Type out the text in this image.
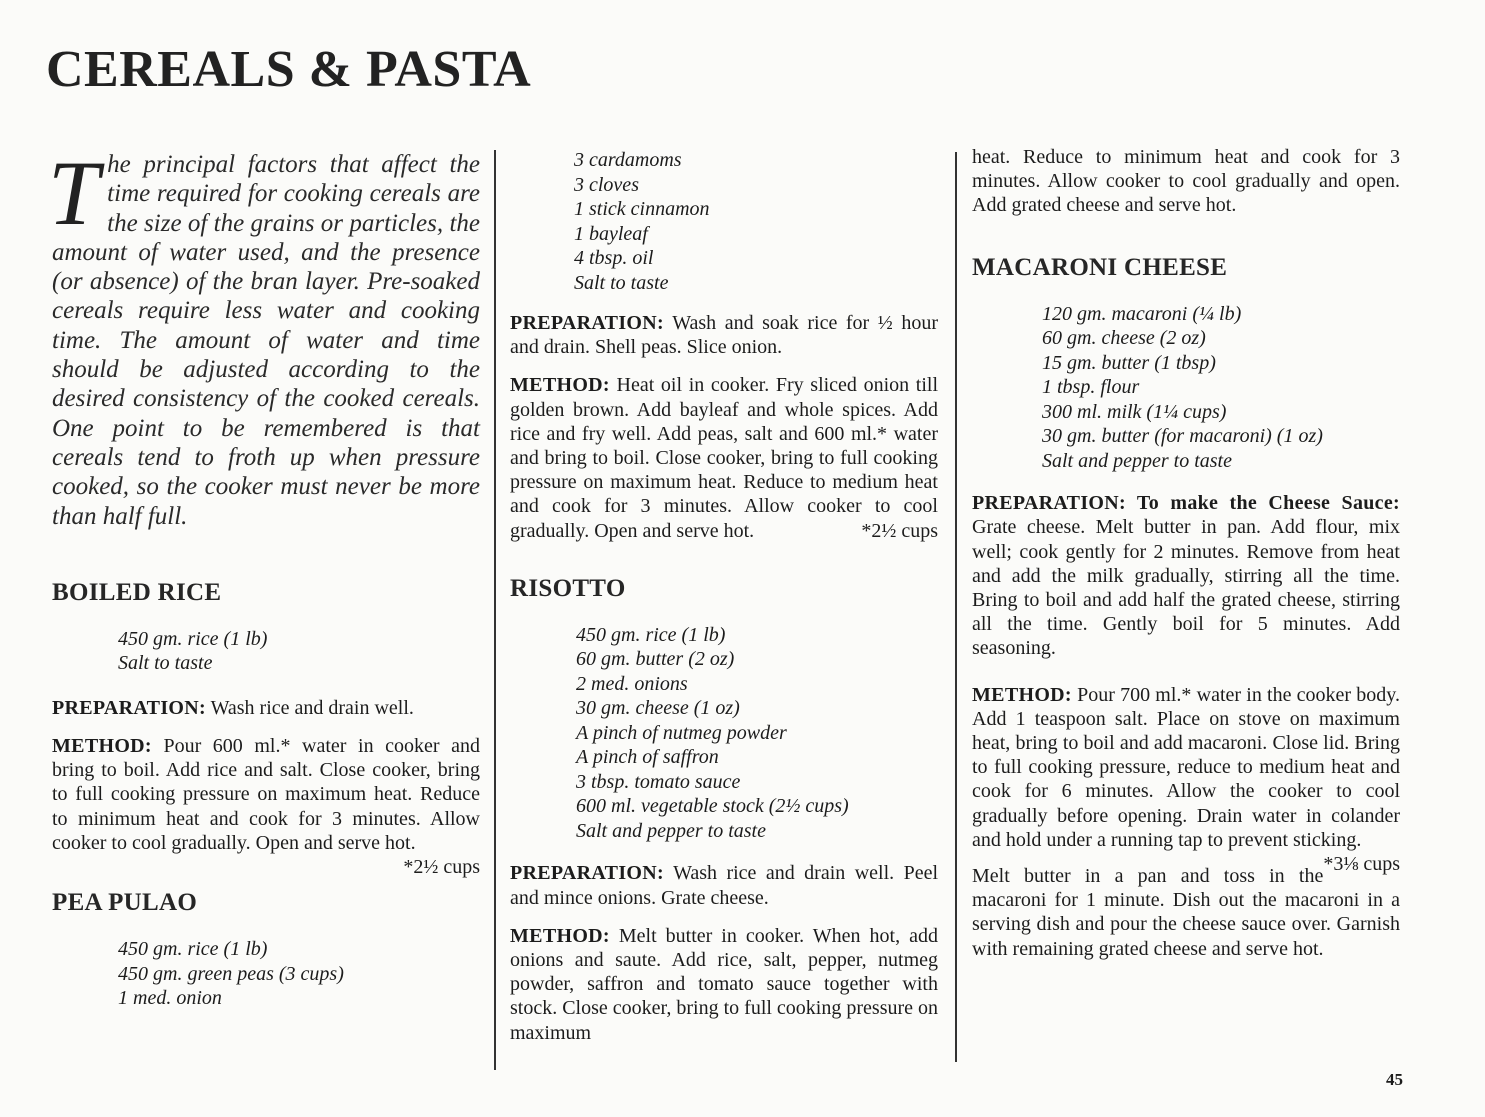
CEREALS & PASTA

The principal factors that affect the time required for cooking cereals are the size of the grains or particles, the amount of water used, and the presence (or absence) of the bran layer. Pre-soaked cereals require less water and cooking time. The amount of water and time should be adjusted according to the desired consistency of the cooked cereals. One point to be remembered is that cereals tend to froth up when pressure cooked, so the cooker must never be more than half full.

BOILED RICE
450 gm. rice (1 lb)
Salt to taste

PREPARATION: Wash rice and drain well.

METHOD: Pour 600 ml.* water in cooker and bring to boil. Add rice and salt. Close cooker, bring to full cooking pressure on maximum heat. Reduce to minimum heat and cook for 3 minutes. Allow cooker to cool gradually. Open and serve hot.
*2½ cups

PEA PULAO
450 gm. rice (1 lb)
450 gm. green peas (3 cups)
1 med. onion
3 cardamoms
3 cloves
1 stick cinnamon
1 bayleaf
4 tbsp. oil
Salt to taste

PREPARATION: Wash and soak rice for ½ hour and drain. Shell peas. Slice onion.

METHOD: Heat oil in cooker. Fry sliced onion till golden brown. Add bayleaf and whole spices. Add rice and fry well. Add peas, salt and 600 ml.* water and bring to boil. Close cooker, bring to full cooking pressure on maximum heat. Reduce to medium heat and cook for 3 minutes. Allow cooker to cool gradually. Open and serve hot.	*2½ cups

RISOTTO
450 gm. rice (1 lb)
60 gm. butter (2 oz)
2 med. onions
30 gm. cheese (1 oz)
A pinch of nutmeg powder
A pinch of saffron
3 tbsp. tomato sauce
600 ml. vegetable stock (2½ cups)
Salt and pepper to taste

PREPARATION: Wash rice and drain well. Peel and mince onions. Grate cheese.

METHOD: Melt butter in cooker. When hot, add onions and saute. Add rice, salt, pepper, nutmeg powder, saffron and tomato sauce together with stock. Close cooker, bring to full cooking pressure on maximum

heat. Reduce to minimum heat and cook for 3 minutes. Allow cooker to cool gradually and open. Add grated cheese and serve hot.

MACARONI CHEESE
120 gm. macaroni (¼ lb)
60 gm. cheese (2 oz)
15 gm. butter (1 tbsp)
1 tbsp. flour
300 ml. milk (1¼ cups)
30 gm. butter (for macaroni) (1 oz)
Salt and pepper to taste

PREPARATION: To make the Cheese Sauce: Grate cheese. Melt butter in pan. Add flour, mix well; cook gently for 2 minutes. Remove from heat and add the milk gradually, stirring all the time. Bring to boil and add half the grated cheese, stirring all the time. Gently boil for 5 minutes. Add seasoning.

METHOD: Pour 700 ml.* water in the cooker body. Add 1 teaspoon salt. Place on stove on maximum heat, bring to boil and add macaroni. Close lid. Bring to full cooking pressure, reduce to medium heat and cook for 6 minutes. Allow the cooker to cool gradually before opening. Drain water in colander and hold under a running tap to prevent sticking.
*3⅛ cups

Melt butter in a pan and toss in the macaroni for 1 minute. Dish out the macaroni in a serving dish and pour the cheese sauce over. Garnish with remaining grated cheese and serve hot.

45
